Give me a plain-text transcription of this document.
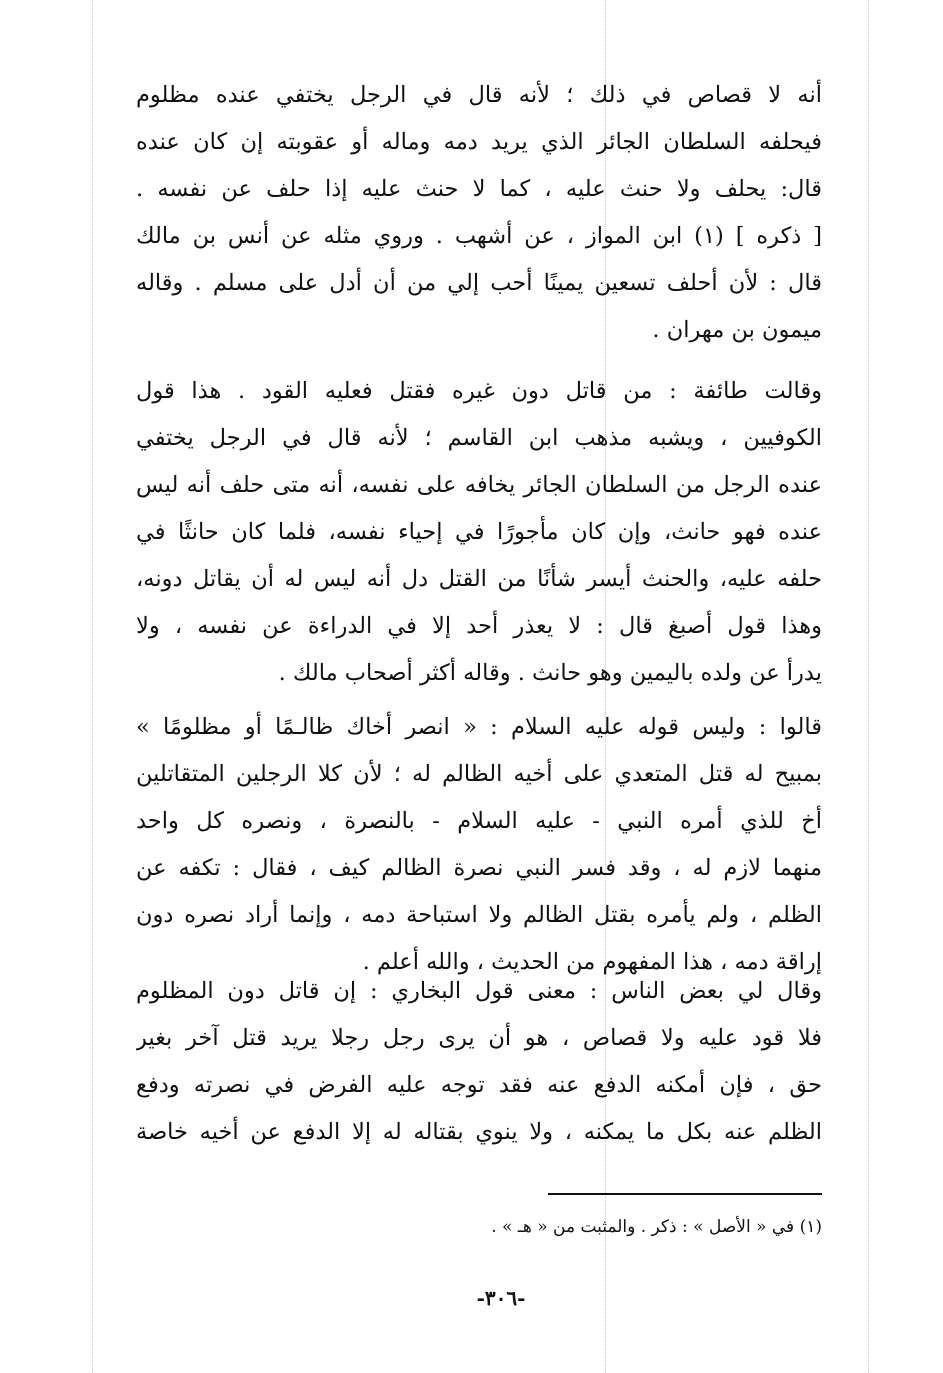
أنه لا قصاص في ذلك ؛ لأنه قال في الرجل يختفي عنده مظلوم
فيحلفه السلطان الجائر الذي يريد دمه وماله أو عقوبته إن كان عنده
قال: يحلف ولا حنث عليه ، كما لا حنث عليه إذا حلف عن نفسه .
[ ذكره ] (١) ابن المواز ، عن أشهب . وروي مثله عن أنس بن مالك
قال : لأن أحلف تسعين يمينًا أحب إلي من أن أدل على مسلم . وقاله
ميمون بن مهران .
وقالت طائفة : من قاتل دون غيره فقتل فعليه القود . هذا قول
الكوفيين ، ويشبه مذهب ابن القاسم ؛ لأنه قال في الرجل يختفي
عنده الرجل من السلطان الجائر يخافه على نفسه، أنه متى حلف أنه ليس
عنده فهو حانث، وإن كان مأجورًا في إحياء نفسه، فلما كان حانثًا في
حلفه عليه، والحنث أيسر شأنًا من القتل دل أنه ليس له أن يقاتل دونه،
وهذا قول أصبغ قال : لا يعذر أحد إلا في الدراءة عن نفسه ، ولا
يدرأ عن ولده باليمين وهو حانث . وقاله أكثر أصحاب مالك .
قالوا : وليس قوله عليه السلام : « انصر أخاك ظالـمًا أو مظلومًا »
بمبيح له قتل المتعدي على أخيه الظالم له ؛ لأن كلا الرجلين المتقاتلين
أخ للذي أمره النبي - عليه السلام - بالنصرة ، ونصره كل واحد
منهما لازم له ، وقد فسر النبي نصرة الظالم كيف ، فقال : تكفه عن
الظلم ، ولم يأمره بقتل الظالم ولا استباحة دمه ، وإنما أراد نصره دون
إراقة دمه ، هذا المفهوم من الحديث ، والله أعلم .
وقال لي بعض الناس : معنى قول البخاري : إن قاتل دون المظلوم
فلا قود عليه ولا قصاص ، هو أن يرى رجل رجلا يريد قتل آخر بغير
حق ، فإن أمكنه الدفع عنه فقد توجه عليه الفرض في نصرته ودفع
الظلم عنه بكل ما يمكنه ، ولا ينوي بقتاله له إلا الدفع عن أخيه خاصة
(١) في « الأصل » : ذكر . والمثبت من « هـ » .
-٣٠٦-
